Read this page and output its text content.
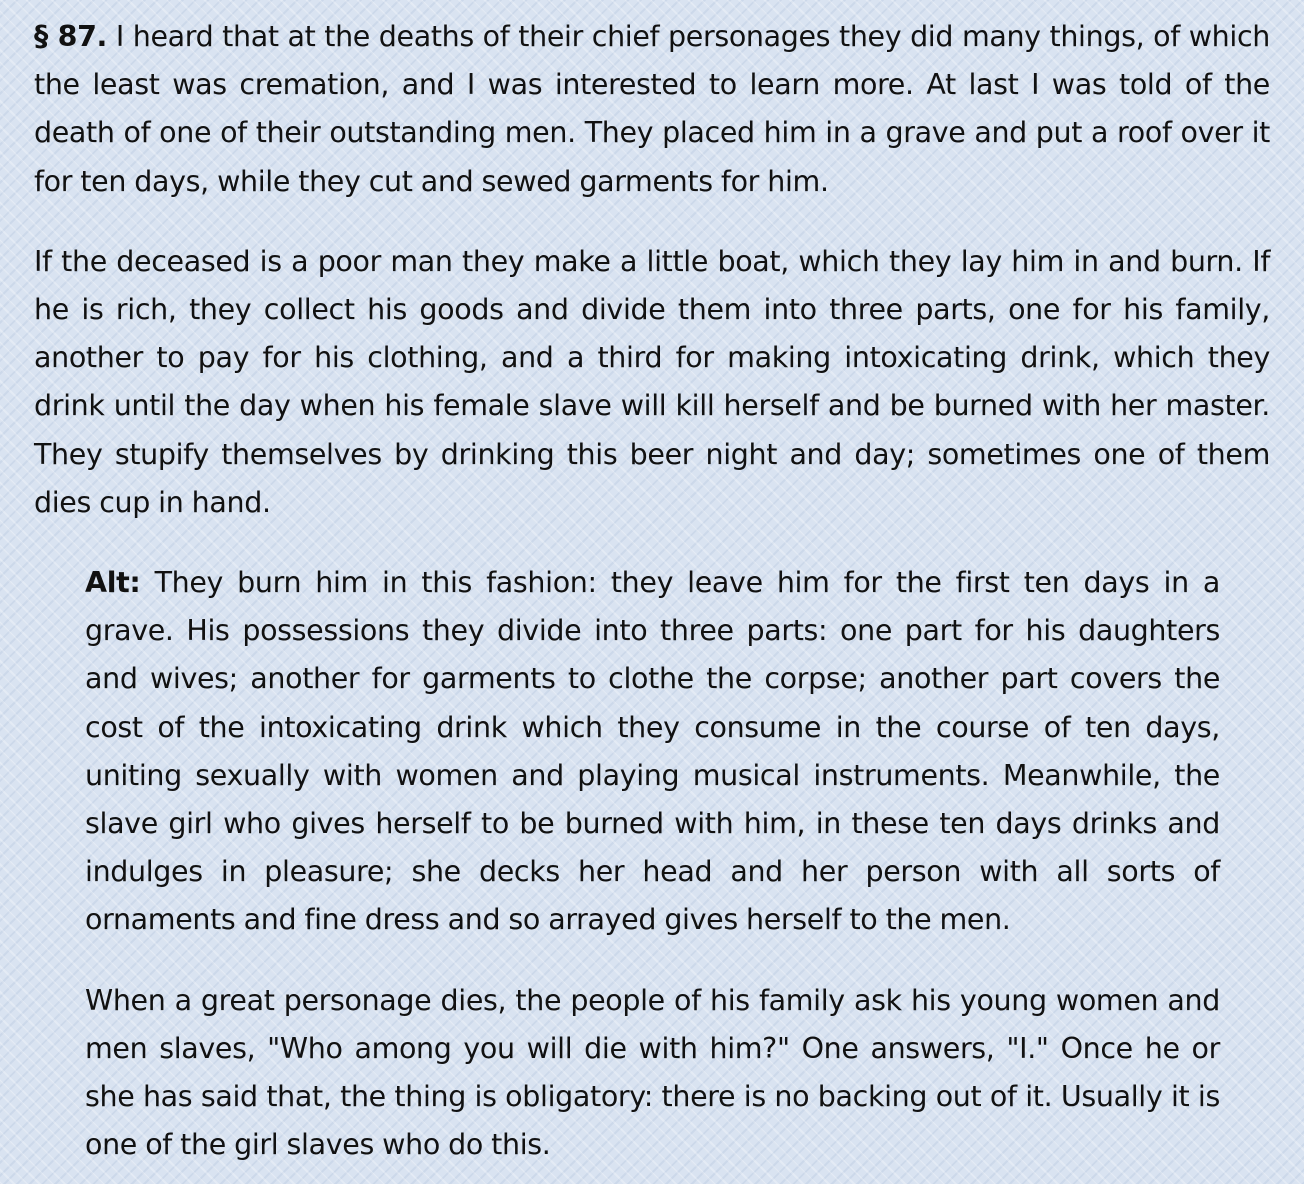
§ 87. I heard that at the deaths of their chief personages they did many things, of which the least was cremation, and I was interested to learn more. At last I was told of the death of one of their outstanding men. They placed him in a grave and put a roof over it for ten days, while they cut and sewed garments for him.

If the deceased is a poor man they make a little boat, which they lay him in and burn. If he is rich, they collect his goods and divide them into three parts, one for his family, another to pay for his clothing, and a third for making intoxicating drink, which they drink until the day when his female slave will kill herself and be burned with her master. They stupify themselves by drinking this beer night and day; sometimes one of them dies cup in hand.

Alt: They burn him in this fashion: they leave him for the first ten days in a grave. His possessions they divide into three parts: one part for his daughters and wives; another for garments to clothe the corpse; another part covers the cost of the intoxicating drink which they consume in the course of ten days, uniting sexually with women and playing musical instruments. Meanwhile, the slave girl who gives herself to be burned with him, in these ten days drinks and indulges in pleasure; she decks her head and her person with all sorts of ornaments and fine dress and so arrayed gives herself to the men.

When a great personage dies, the people of his family ask his young women and men slaves, "Who among you will die with him?" One answers, "I." Once he or she has said that, the thing is obligatory: there is no backing out of it. Usually it is one of the girl slaves who do this.
